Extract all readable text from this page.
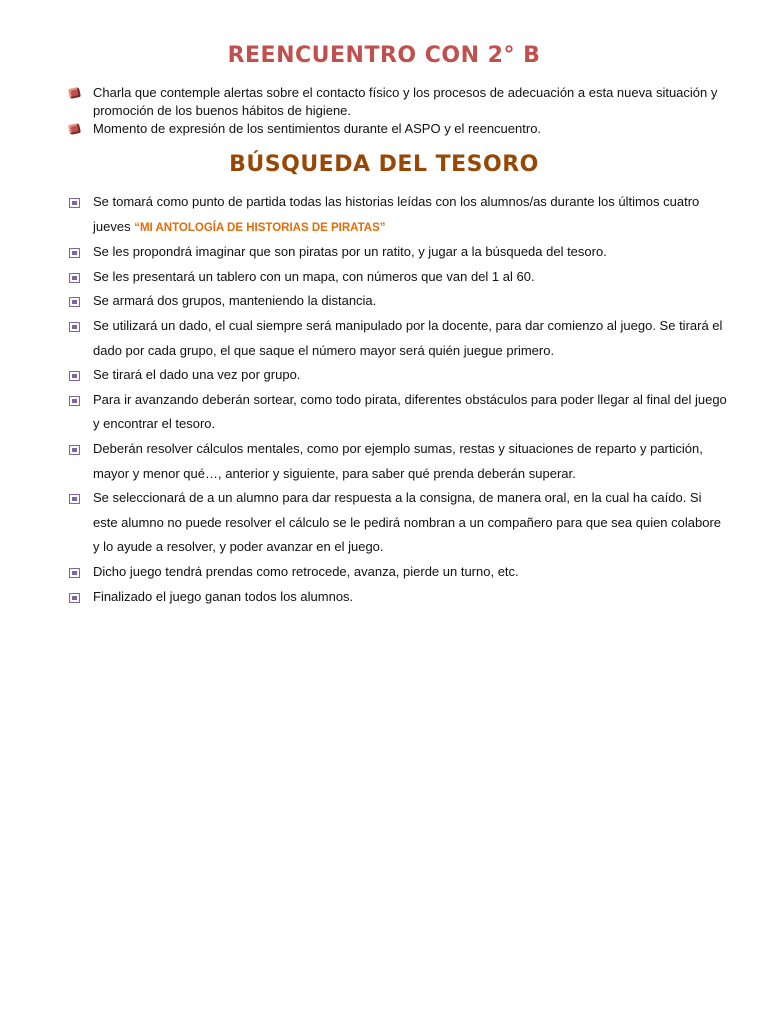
REENCUENTRO CON 2° B
Charla que contemple alertas sobre el contacto físico y los procesos de adecuación a esta nueva situación y promoción de los buenos hábitos de higiene.
Momento de expresión de los sentimientos durante el ASPO y el reencuentro.
BÚSQUEDA DEL TESORO
Se tomará como punto de partida todas las historias leídas con los alumnos/as durante los últimos cuatro jueves “MI ANTOLOGÍA DE HISTORIAS DE PIRATAS”
Se les propondrá imaginar que son piratas por un ratito, y jugar a la búsqueda del tesoro.
Se les presentará un tablero con un mapa, con números que van del 1 al 60.
Se armará dos grupos, manteniendo la distancia.
Se utilizará un dado, el cual siempre será manipulado por la docente, para dar comienzo al juego. Se tirará el dado por cada grupo, el que saque el número mayor será quién juegue primero.
Se tirará el dado una vez por grupo.
Para ir avanzando deberán sortear, como todo pirata, diferentes obstáculos para poder llegar al final del juego y encontrar el tesoro.
Deberán resolver cálculos mentales, como por ejemplo sumas, restas y situaciones de reparto y partición, mayor y menor qué…, anterior y siguiente, para saber qué prenda deberán superar.
Se seleccionará de a un alumno para dar respuesta a la consigna, de manera oral, en la cual ha caído. Si este alumno no puede resolver el cálculo se le pedirá nombran a un compañero para que sea quien colabore y lo ayude a resolver, y poder avanzar en el juego.
Dicho juego tendrá prendas como retrocede, avanza, pierde un turno, etc.
Finalizado el juego ganan todos los alumnos.
